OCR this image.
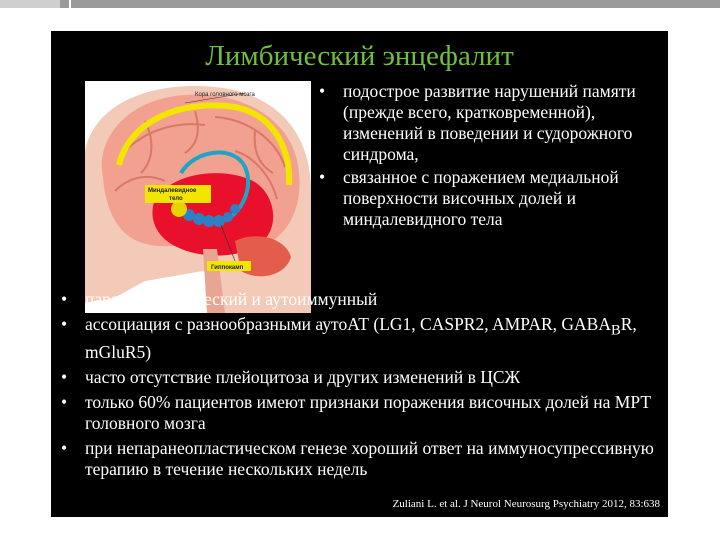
Лимбический энцефалит
Кора головного мозга
Миндалевидное
тело
Гиппокамп
• подострое развитие нарушений памяти (прежде всего, кратковременной), изменений в поведении и судорожного синдрома,
• связанное с поражением медиальной поверхности височных долей и миндалевидного тела
• паранеопластический и аутоиммунный
• ассоциация с разнообразными аутоАТ (LG1, CASPR2, AMPAR, $GABA_BR$, mGluR5)
• часто отсутствие плейоцитоза и других изменений в ЦСЖ
• только 60% пациентов имеют признаки поражения височных долей на МРТ головного мозга
• при непаранеопластическом генезе хороший ответ на иммуносупрессивную терапию в течение нескольких недель
Zuliani L. et al. J Neurol Neurosurg Psychiatry 2012, 83:638
